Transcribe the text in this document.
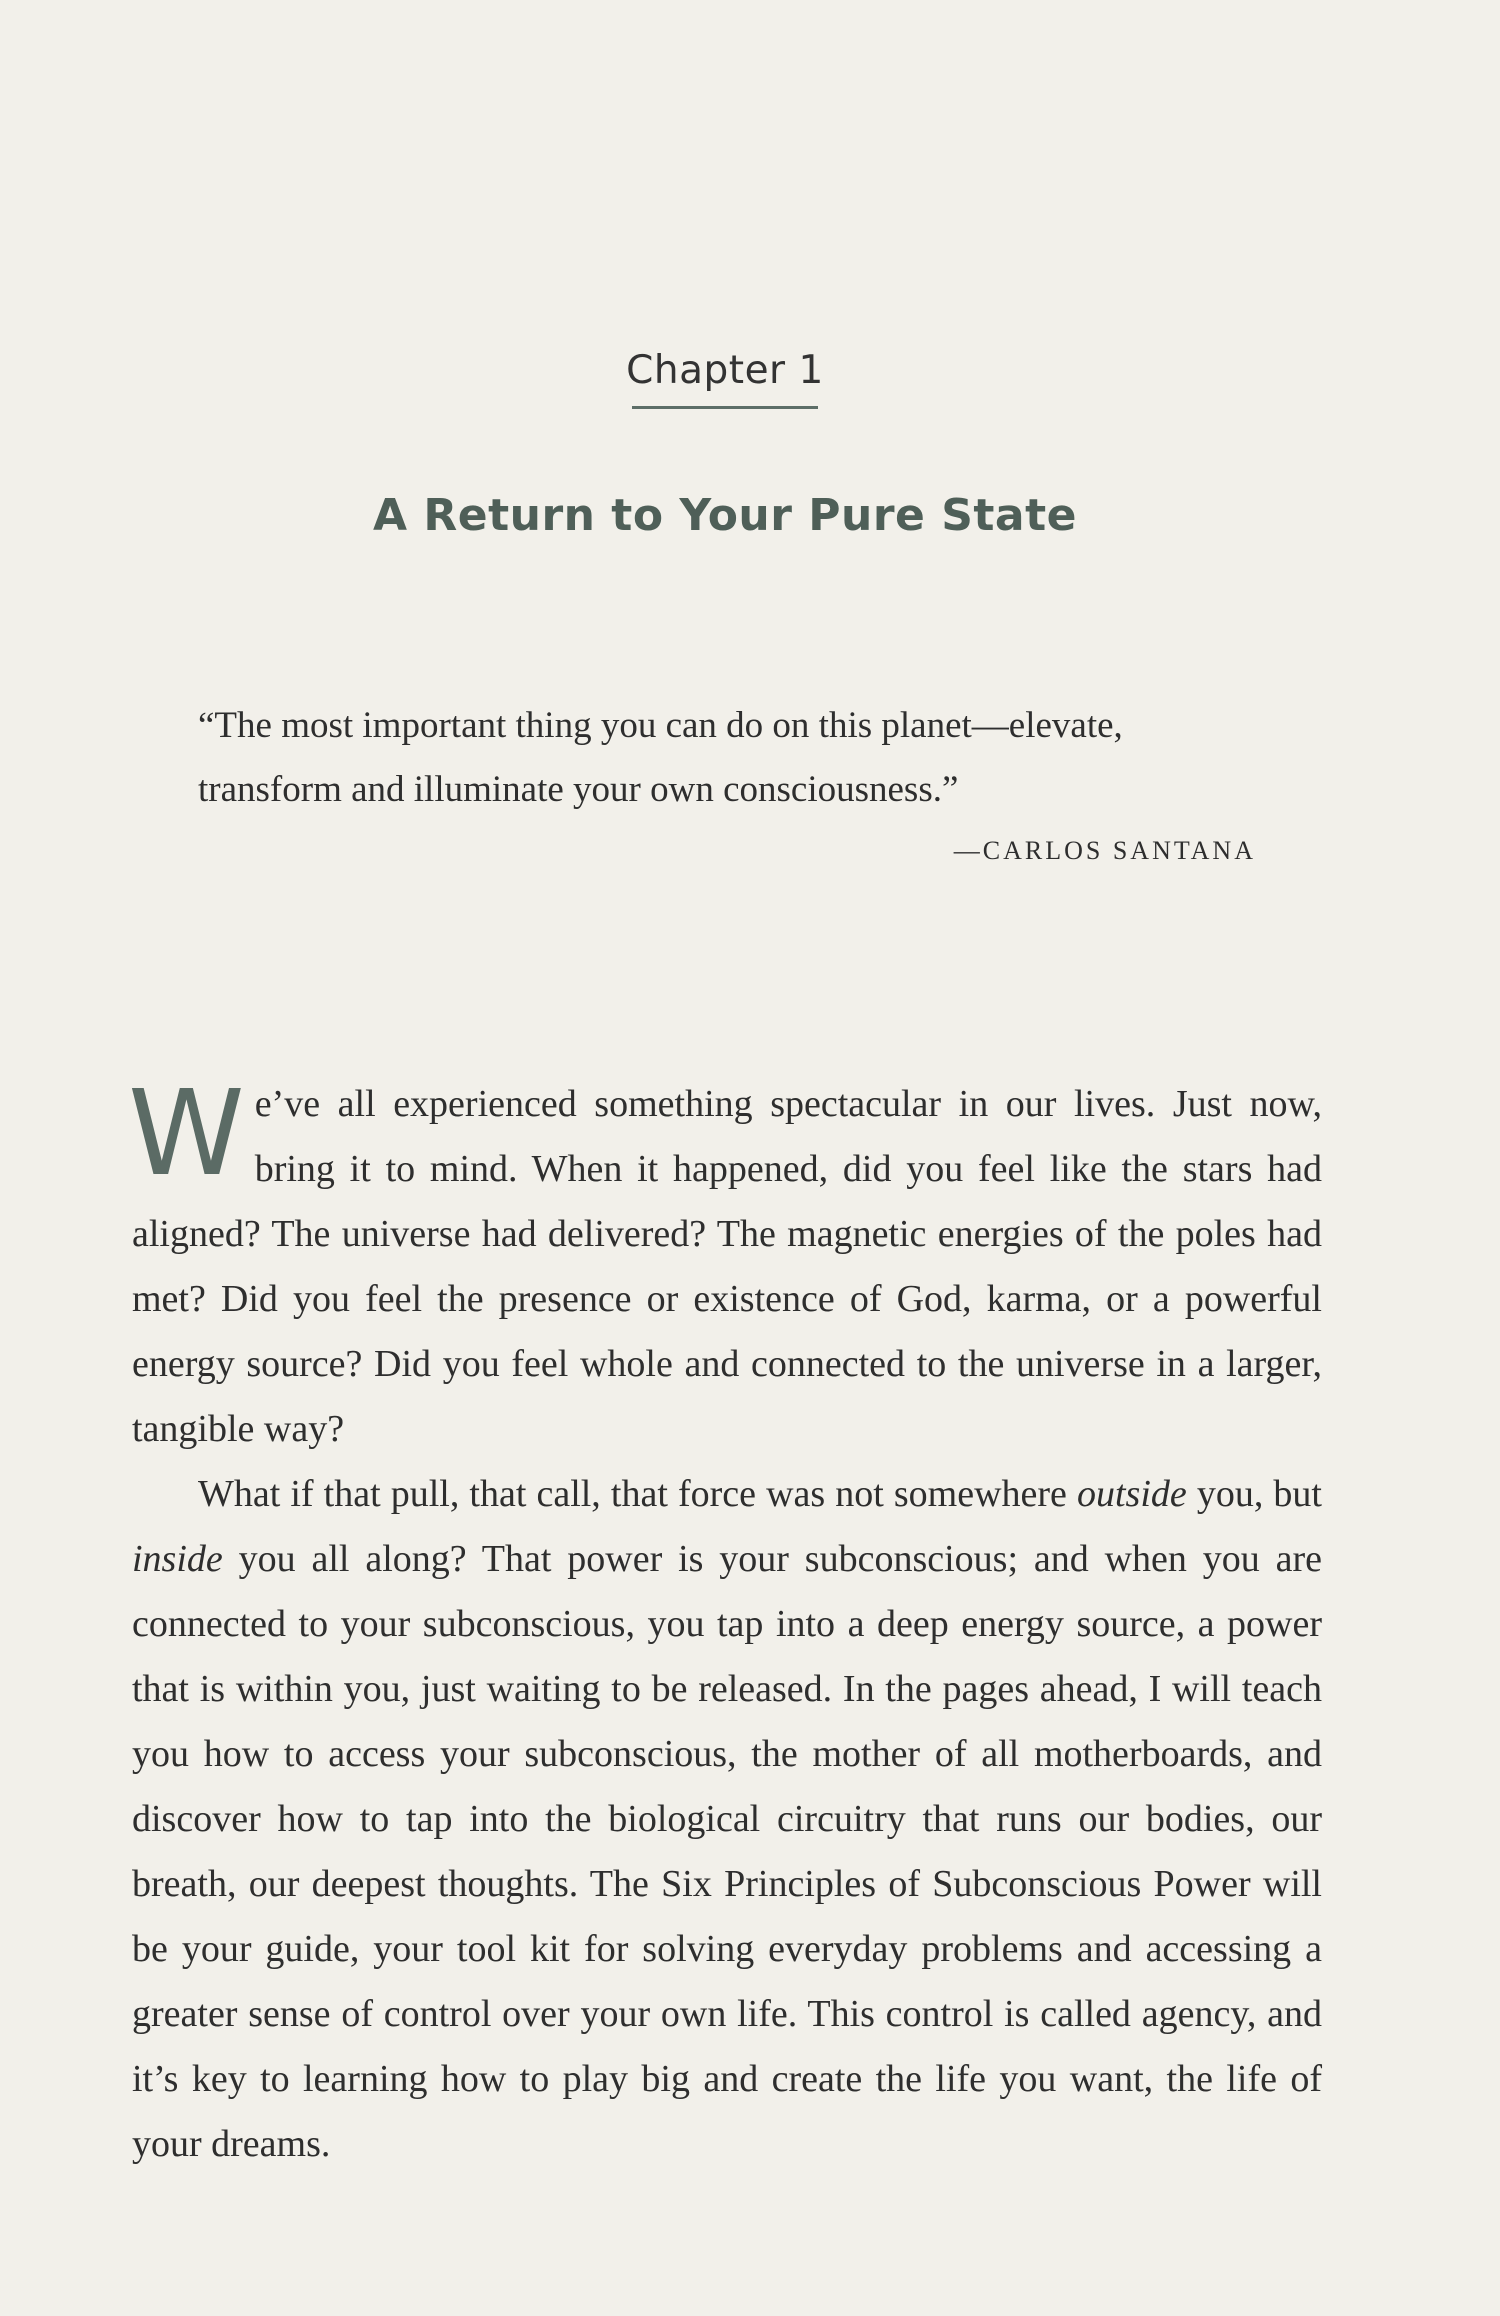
Chapter 1
A Return to Your Pure State
“The most important thing you can do on this planet—elevate, transform and illuminate your own consciousness.”
—CARLOS SANTANA

We’ve all experienced something spectacular in our lives. Just now, bring it to mind. When it happened, did you feel like the stars had aligned? The universe had delivered? The magnetic energies of the poles had met? Did you feel the presence or existence of God, karma, or a powerful energy source? Did you feel whole and connected to the universe in a larger, tangible way?

What if that pull, that call, that force was not somewhere outside you, but inside you all along? That power is your subconscious; and when you are connected to your subconscious, you tap into a deep energy source, a power that is within you, just waiting to be released. In the pages ahead, I will teach you how to access your subconscious, the mother of all motherboards, and discover how to tap into the biological circuitry that runs our bodies, our breath, our deepest thoughts. The Six Principles of Subconscious Power will be your guide, your tool kit for solving everyday problems and accessing a greater sense of control over your own life. This control is called agency, and it’s key to learning how to play big and create the life you want, the life of your dreams.
